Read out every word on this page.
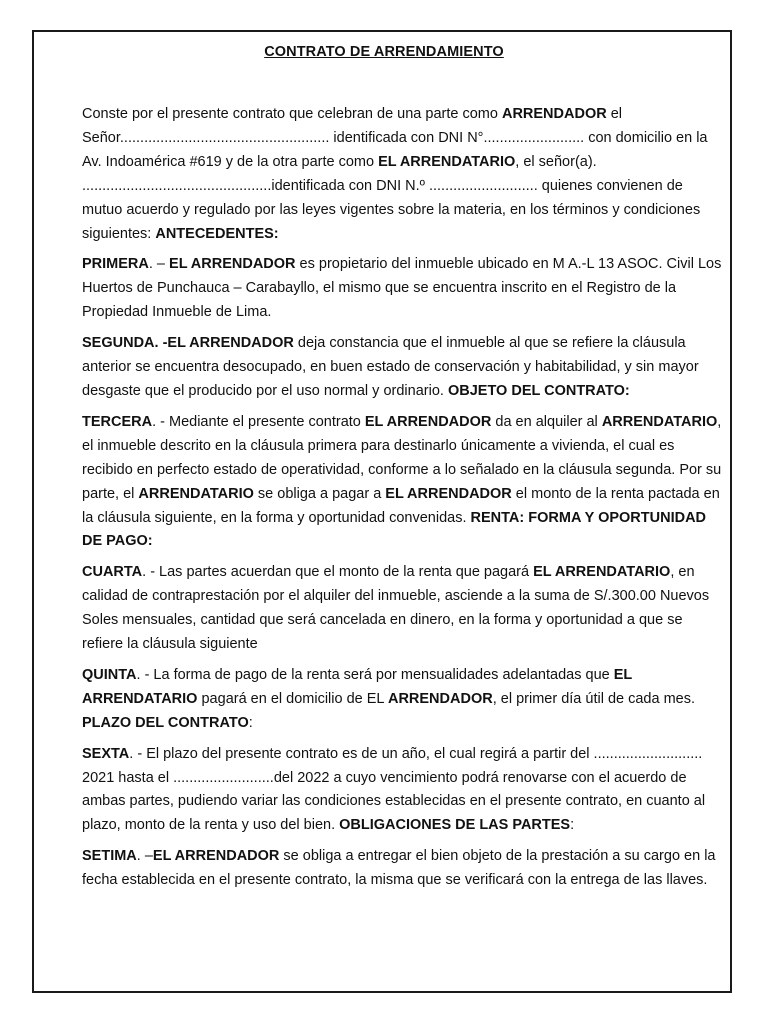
CONTRATO DE ARRENDAMIENTO

Conste por el presente contrato que celebran de una parte como ARRENDADOR el Señor.................................................... identificada con DNI N°......................... con domicilio en la Av. Indoamérica #619 y de la otra parte como EL ARRENDATARIO, el señor(a). ...............................................identificada con DNI N.º ........................... quienes convienen de mutuo acuerdo y regulado por las leyes vigentes sobre la materia, en los términos y condiciones siguientes: ANTECEDENTES:

PRIMERA. – EL ARRENDADOR es propietario del inmueble ubicado en M A.-L 13 ASOC. Civil Los Huertos de Punchauca – Carabayllo, el mismo que se encuentra inscrito en el Registro de la Propiedad Inmueble de Lima.

SEGUNDA. -EL ARRENDADOR deja constancia que el inmueble al que se refiere la cláusula anterior se encuentra desocupado, en buen estado de conservación y habitabilidad, y sin mayor desgaste que el producido por el uso normal y ordinario. OBJETO DEL CONTRATO:

TERCERA. - Mediante el presente contrato EL ARRENDADOR da en alquiler al ARRENDATARIO, el inmueble descrito en la cláusula primera para destinarlo únicamente a vivienda, el cual es recibido en perfecto estado de operatividad, conforme a lo señalado en la cláusula segunda. Por su parte, el ARRENDATARIO se obliga a pagar a EL ARRENDADOR el monto de la renta pactada en la cláusula siguiente, en la forma y oportunidad convenidas. RENTA: FORMA Y OPORTUNIDAD DE PAGO:

CUARTA. - Las partes acuerdan que el monto de la renta que pagará EL ARRENDATARIO, en calidad de contraprestación por el alquiler del inmueble, asciende a la suma de S/.300.00 Nuevos Soles mensuales, cantidad que será cancelada en dinero, en la forma y oportunidad a que se refiere la cláusula siguiente

QUINTA. - La forma de pago de la renta será por mensualidades adelantadas que EL ARRENDATARIO pagará en el domicilio de EL ARRENDADOR, el primer día útil de cada mes. PLAZO DEL CONTRATO:

SEXTA. - El plazo del presente contrato es de un año, el cual regirá a partir del ........................... 2021 hasta el .........................del 2022 a cuyo vencimiento podrá renovarse con el acuerdo de ambas partes, pudiendo variar las condiciones establecidas en el presente contrato, en cuanto al plazo, monto de la renta y uso del bien. OBLIGACIONES DE LAS PARTES:

SETIMA. –EL ARRENDADOR se obliga a entregar el bien objeto de la prestación a su cargo en la fecha establecida en el presente contrato, la misma que se verificará con la entrega de las llaves.
